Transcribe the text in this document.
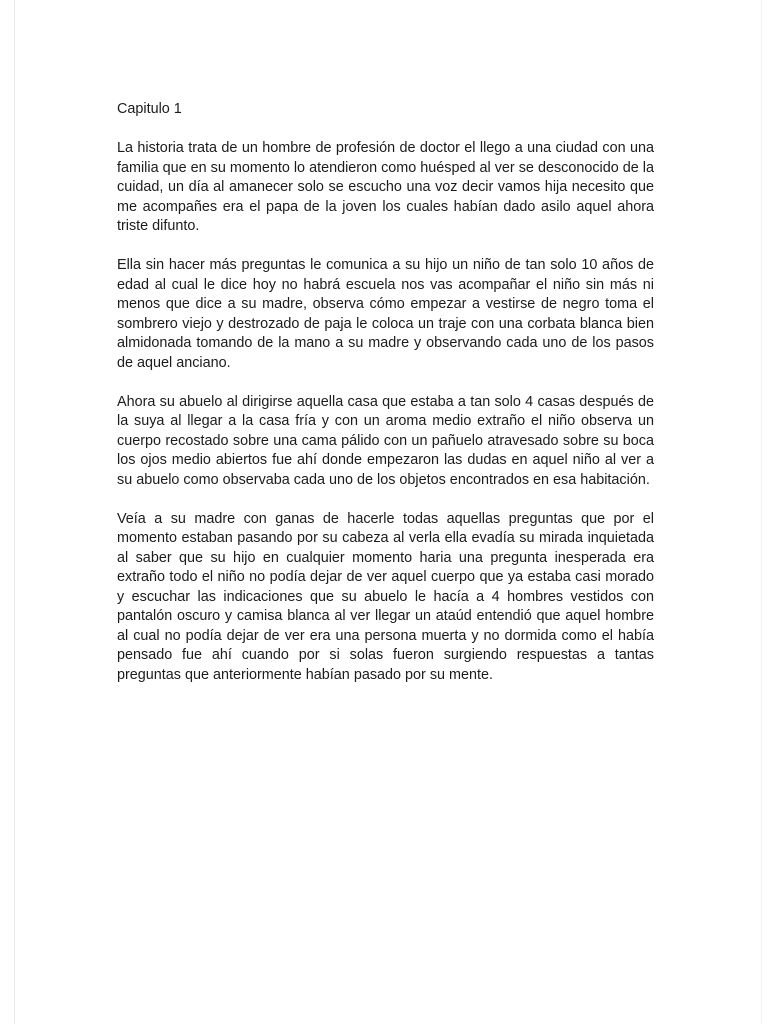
Capitulo 1

La historia trata de un hombre de profesión de doctor el llego a una ciudad con una familia que en su momento lo atendieron como huésped al ver se desconocido de la cuidad, un día al amanecer solo se escucho una voz decir vamos hija necesito que me acompañes era el papa de la joven los cuales habían dado asilo aquel ahora triste difunto.

Ella sin hacer más preguntas le comunica a su hijo un niño de tan solo 10 años de edad al cual le dice hoy no habrá escuela nos vas acompañar el niño sin más ni menos que dice a su madre, observa cómo empezar a vestirse de negro toma el sombrero viejo y destrozado de paja le coloca un traje con una corbata blanca bien almidonada tomando de la mano a su madre y observando cada uno de los pasos de aquel anciano.

Ahora su abuelo al dirigirse aquella casa que estaba a tan solo 4 casas después de la suya al llegar a la casa fría y con un aroma medio extraño el niño observa un cuerpo recostado sobre una cama pálido con un pañuelo atravesado sobre su boca los ojos medio abiertos fue ahí donde empezaron las dudas en aquel niño al ver a su abuelo como observaba cada uno de los objetos encontrados en esa habitación.

Veía a su madre con ganas de hacerle todas aquellas preguntas que por el momento estaban pasando por su cabeza al verla ella evadía su mirada inquietada al saber que su hijo en cualquier momento haria una pregunta inesperada era extraño todo el niño no podía dejar de ver aquel cuerpo que ya estaba casi morado y escuchar las indicaciones que su abuelo le hacía a 4 hombres vestidos con pantalón oscuro y camisa blanca al ver llegar un ataúd entendió que aquel hombre al cual no podía dejar de ver era una persona muerta y no dormida como el había pensado fue ahí cuando por si solas fueron surgiendo respuestas a tantas preguntas que anteriormente habían pasado por su mente.
